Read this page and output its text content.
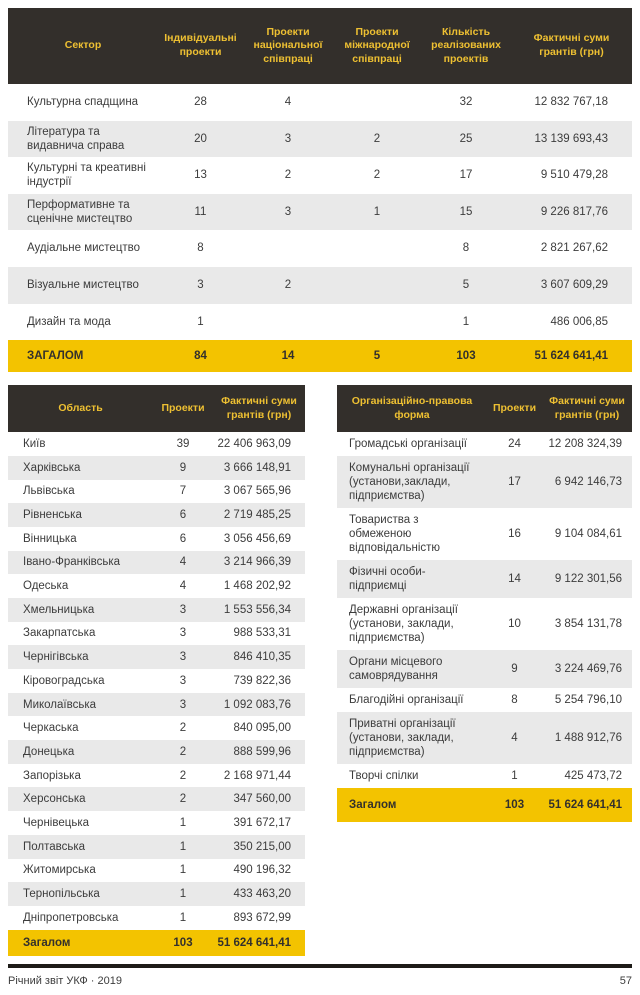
Сектор	Індивідуальні проекти	Проекти національної співпраці	Проекти міжнародної співпраці	Кількість реалізованих проектів	Фактичні суми грантів (грн)
Культурна спадщина	28	4		32	12 832 767,18
Література та видавнича справа	20	3	2	25	13 139 693,43
Культурні та креативні індустрії	13	2	2	17	9 510 479,28
Перформативне та сценічне мистецтво	11	3	1	15	9 226 817,76
Аудіальне мистецтво	8			8	2 821 267,62
Візуальне мистецтво	3	2		5	3 607 609,29
Дизайн та мода	1			1	486 006,85
ЗАГАЛОМ	84	14	5	103	51 624 641,41
Область	Проекти	Фактичні суми грантів (грн)
Київ	39	22 406 963,09
Харківська	9	3 666 148,91
Львівська	7	3 067 565,96
Рівненська	6	2 719 485,25
Вінницька	6	3 056 456,69
Івано-Франківська	4	3 214 966,39
Одеська	4	1 468 202,92
Хмельницька	3	1 553 556,34
Закарпатська	3	988 533,31
Чернігівська	3	846 410,35
Кіровоградська	3	739 822,36
Миколаївська	3	1 092 083,76
Черкаська	2	840 095,00
Донецька	2	888 599,96
Запорізька	2	2 168 971,44
Херсонська	2	347 560,00
Чернівецька	1	391 672,17
Полтавська	1	350 215,00
Житомирська	1	490 196,32
Тернопільська	1	433 463,20
Дніпропетровська	1	893 672,99
Загалом	103	51 624 641,41
Організаційно-правова форма	Проекти	Фактичні суми грантів (грн)
Громадські організації	24	12 208 324,39
Комунальні організації (установи,заклади, підприємства)	17	6 942 146,73
Товариства з обмеженою відповідальністю	16	9 104 084,61
Фізичні особи-підприємці	14	9 122 301,56
Державні організації (установи, заклади, підприємства)	10	3 854 131,78
Органи місцевого самоврядування	9	3 224 469,76
Благодійні організації	8	5 254 796,10
Приватні організації (установи, заклади, підприємства)	4	1 488 912,76
Творчі спілки	1	425 473,72
Загалом	103	51 624 641,41
Річний звіт УКФ · 2019	57
